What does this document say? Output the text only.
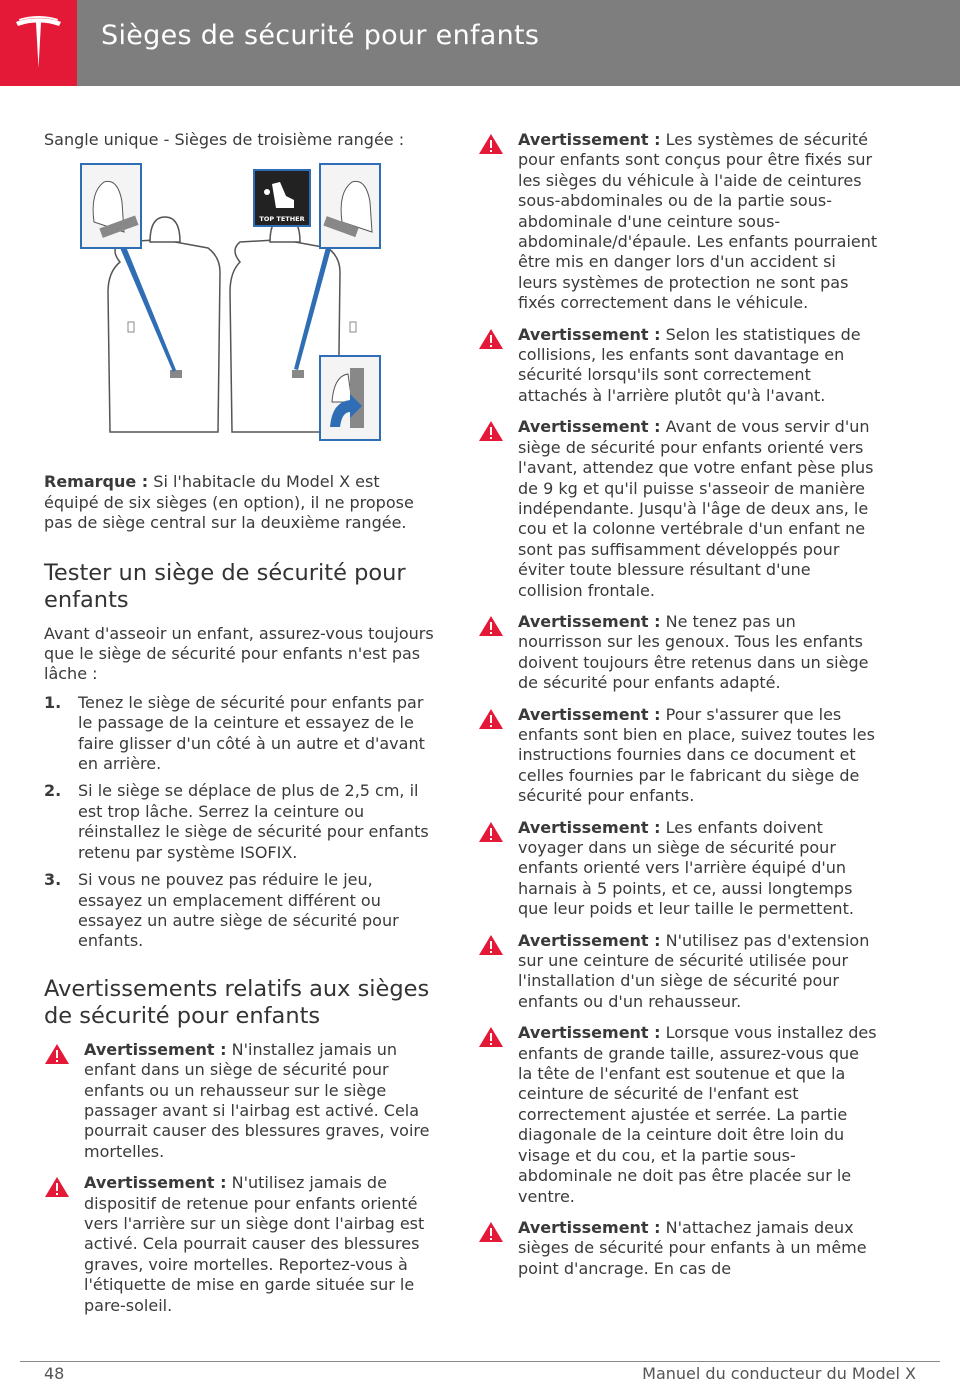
Sièges de sécurité pour enfants

Sangle unique - Sièges de troisième rangée :

TOP TETHER

Remarque : Si l'habitacle du Model X est équipé de six sièges (en option), il ne propose pas de siège central sur la deuxième rangée.

Tester un siège de sécurité pour enfants

Avant d'asseoir un enfant, assurez-vous toujours que le siège de sécurité pour enfants n'est pas lâche :

1. Tenez le siège de sécurité pour enfants par le passage de la ceinture et essayez de le faire glisser d'un côté à un autre et d'avant en arrière.
2. Si le siège se déplace de plus de 2,5 cm, il est trop lâche. Serrez la ceinture ou réinstallez le siège de sécurité pour enfants retenu par système ISOFIX.
3. Si vous ne pouvez pas réduire le jeu, essayez un emplacement différent ou essayez un autre siège de sécurité pour enfants.
Avertissements relatifs aux sièges de sécurité pour enfants
Avertissement : N'installez jamais un enfant dans un siège de sécurité pour enfants ou un rehausseur sur le siège passager avant si l'airbag est activé. Cela pourrait causer des blessures graves, voire mortelles.
Avertissement : N'utilisez jamais de dispositif de retenue pour enfants orienté vers l'arrière sur un siège dont l'airbag est activé. Cela pourrait causer des blessures graves, voire mortelles. Reportez-vous à l'étiquette de mise en garde située sur le pare-soleil.
Avertissement : Les systèmes de sécurité pour enfants sont conçus pour être fixés sur les sièges du véhicule à l'aide de ceintures sous-abdominales ou de la partie sous-abdominale d'une ceinture sous-abdominale/d'épaule. Les enfants pourraient être mis en danger lors d'un accident si leurs systèmes de protection ne sont pas fixés correctement dans le véhicule.
Avertissement : Selon les statistiques de collisions, les enfants sont davantage en sécurité lorsqu'ils sont correctement attachés à l'arrière plutôt qu'à l'avant.
Avertissement : Avant de vous servir d'un siège de sécurité pour enfants orienté vers l'avant, attendez que votre enfant pèse plus de 9 kg et qu'il puisse s'asseoir de manière indépendante. Jusqu'à l'âge de deux ans, le cou et la colonne vertébrale d'un enfant ne sont pas suffisamment développés pour éviter toute blessure résultant d'une collision frontale.
Avertissement : Ne tenez pas un nourrisson sur les genoux. Tous les enfants doivent toujours être retenus dans un siège de sécurité pour enfants adapté.
Avertissement : Pour s'assurer que les enfants sont bien en place, suivez toutes les instructions fournies dans ce document et celles fournies par le fabricant du siège de sécurité pour enfants.
Avertissement : Les enfants doivent voyager dans un siège de sécurité pour enfants orienté vers l'arrière équipé d'un harnais à 5 points, et ce, aussi longtemps que leur poids et leur taille le permettent.
Avertissement : N'utilisez pas d'extension sur une ceinture de sécurité utilisée pour l'installation d'un siège de sécurité pour enfants ou d'un rehausseur.
Avertissement : Lorsque vous installez des enfants de grande taille, assurez-vous que la tête de l'enfant est soutenue et que la ceinture de sécurité de l'enfant est correctement ajustée et serrée. La partie diagonale de la ceinture doit être loin du visage et du cou, et la partie sous-abdominale ne doit pas être placée sur le ventre.
Avertissement : N'attachez jamais deux sièges de sécurité pour enfants à un même point d'ancrage. En cas de
48	Manuel du conducteur du Model X
